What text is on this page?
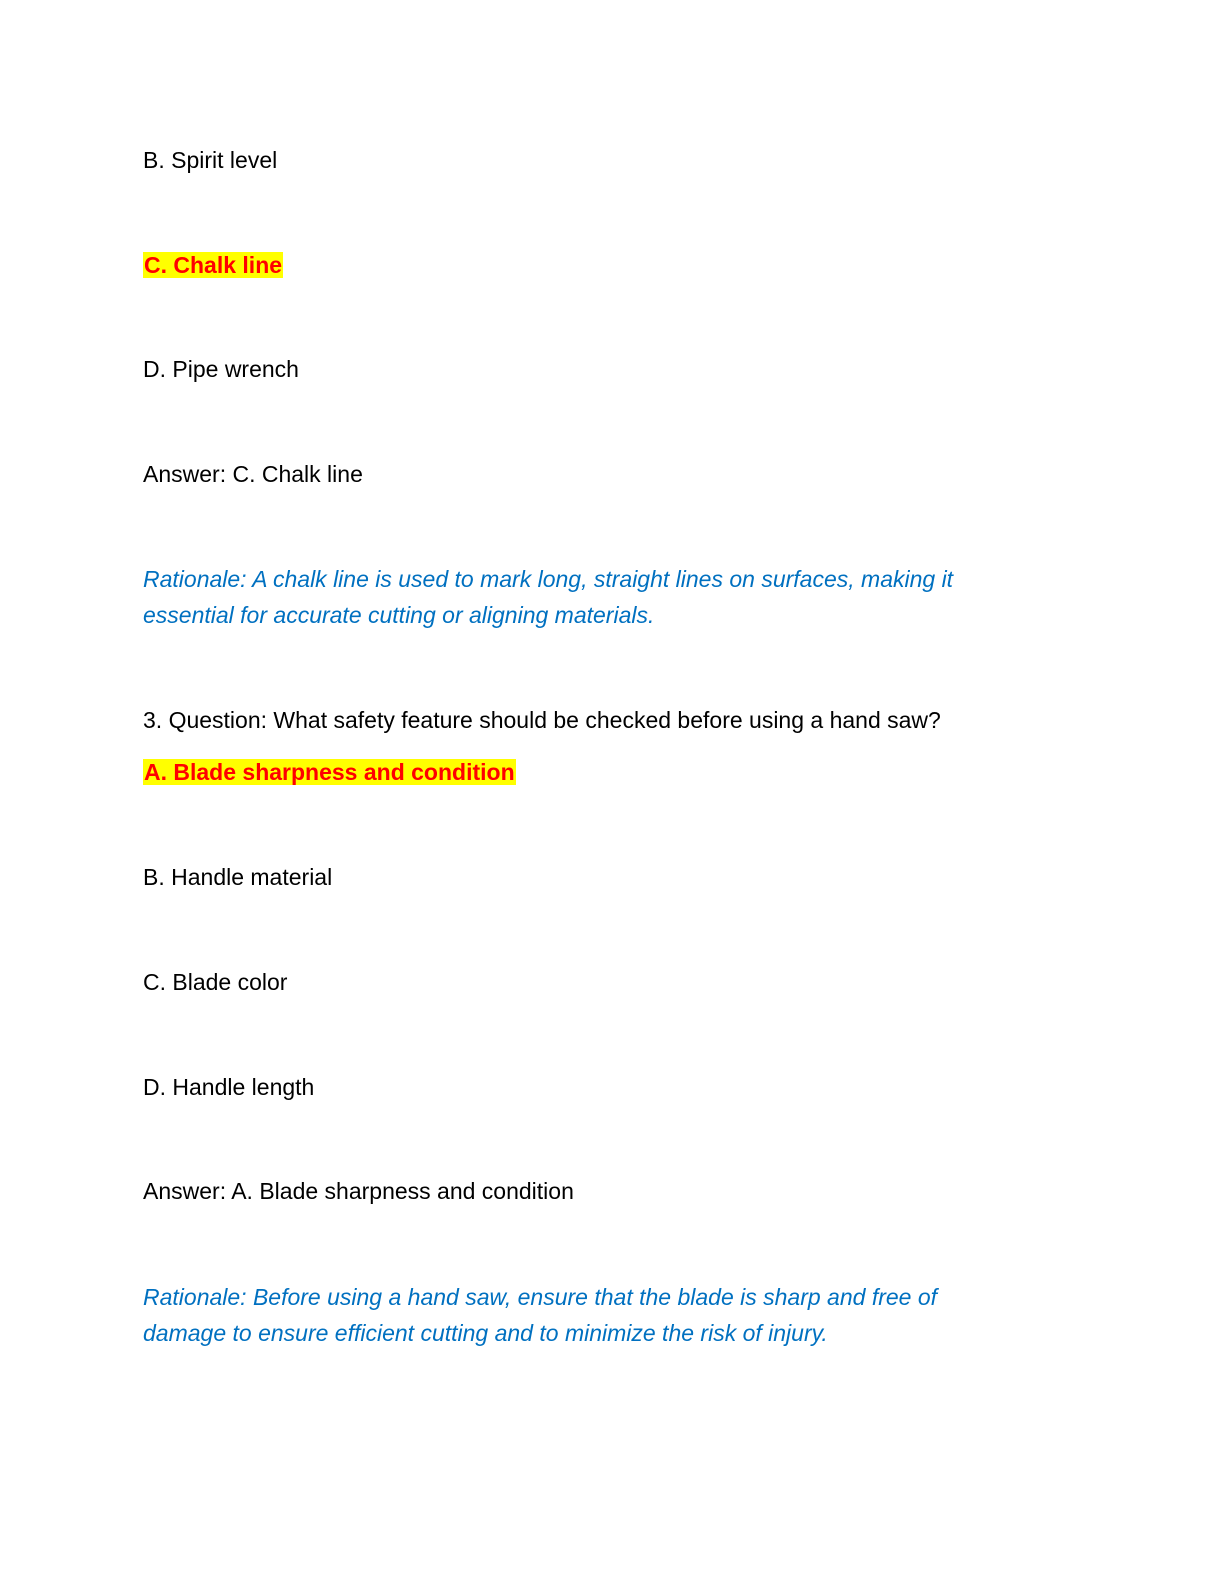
B. Spirit level
C. Chalk line
D. Pipe wrench
Answer: C. Chalk line
Rationale: A chalk line is used to mark long, straight lines on surfaces, making it
essential for accurate cutting or aligning materials.
3. Question: What safety feature should be checked before using a hand saw?
A. Blade sharpness and condition
B. Handle material
C. Blade color
D. Handle length
Answer: A. Blade sharpness and condition
Rationale: Before using a hand saw, ensure that the blade is sharp and free of
damage to ensure efficient cutting and to minimize the risk of injury.
